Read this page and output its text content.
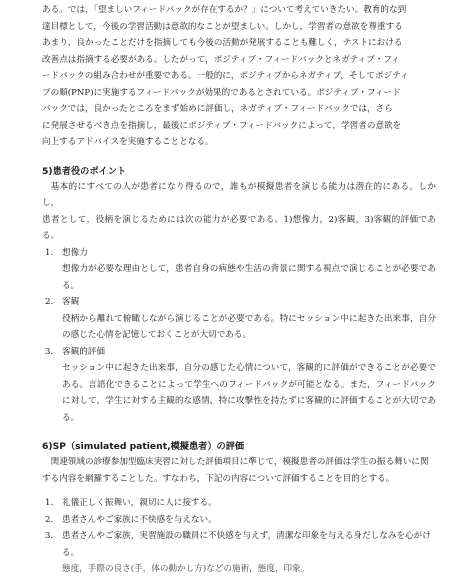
ある。では，「望ましいフィードバックが存在するか？」について考えていきたい。教育的な到
達目標として，今後の学習活動は意欲的なことが望ましい。しかし，学習者の意欲を尊重する
あまり，良かったことだけを指摘しても今後の活動が発展することも難しく，テストにおける
改善点は指摘する必要がある。したがって，ポジティブ・フィードバックとネガティブ・フィ
ードバックの組み合わせが重要である。一般的に，ポジティブからネガティブ，そしてポジティ
ブの順(PNP)に実施するフィードバックが効果的であるとされている。ポジティブ・フィード
バックでは，良かったところをまず始めに評価し，ネガティブ・フィードバックでは，さら
に発展させるべき点を指摘し，最後にポジティブ・フィードバックによって，学習者の意欲を
向上するアドバイスを実施することとなる。
5)患者役のポイント
基本的にすべての人が患者になり得るので，誰もが模擬患者を演じる能力は潜在的にある。しかし，
患者として，役柄を演じるためには次の能力が必要である。1)想像力，2)客観，3)客観的評価である。
1.	想像力
想像力が必要な理由として，患者自身の病態や生活の背景に関する視点で演じることが必要である。
2.	客観
役柄から離れて俯瞰しながら演じることが必要である。特にセッション中に起きた出来事，自分の感じた心情を記憶しておくことが大切である。
3.	客観的評価
セッション中に起きた出来事，自分の感じた心情について，客観的に評価ができることが必要である。言語化できることによって学生へのフィードバックが可能となる。また，フィードバックに対して，学生に対する主観的な感情，特に攻撃性を持たずに客観的に評価することが大切である。
6)SP（simulated patient,模擬患者）の評価
関連領域の診療参加型臨床実習に対した評価項目に準じて，模擬患者の評価は学生の振る舞いに関
する内容を網羅することした。すなわち，下記の内容について評価することを目的とする。
1.	礼儀正しく振舞い，親切に人に接する。
2.	患者さんやご家族に不快感を与えない。
3.	患者さんやご家族，実習施設の職員に不快感を与えず，清潔な印象を与える身だしなみを心がける。
態度，手際の良さ(手，体の動かし方)などの施術，態度，印象。
